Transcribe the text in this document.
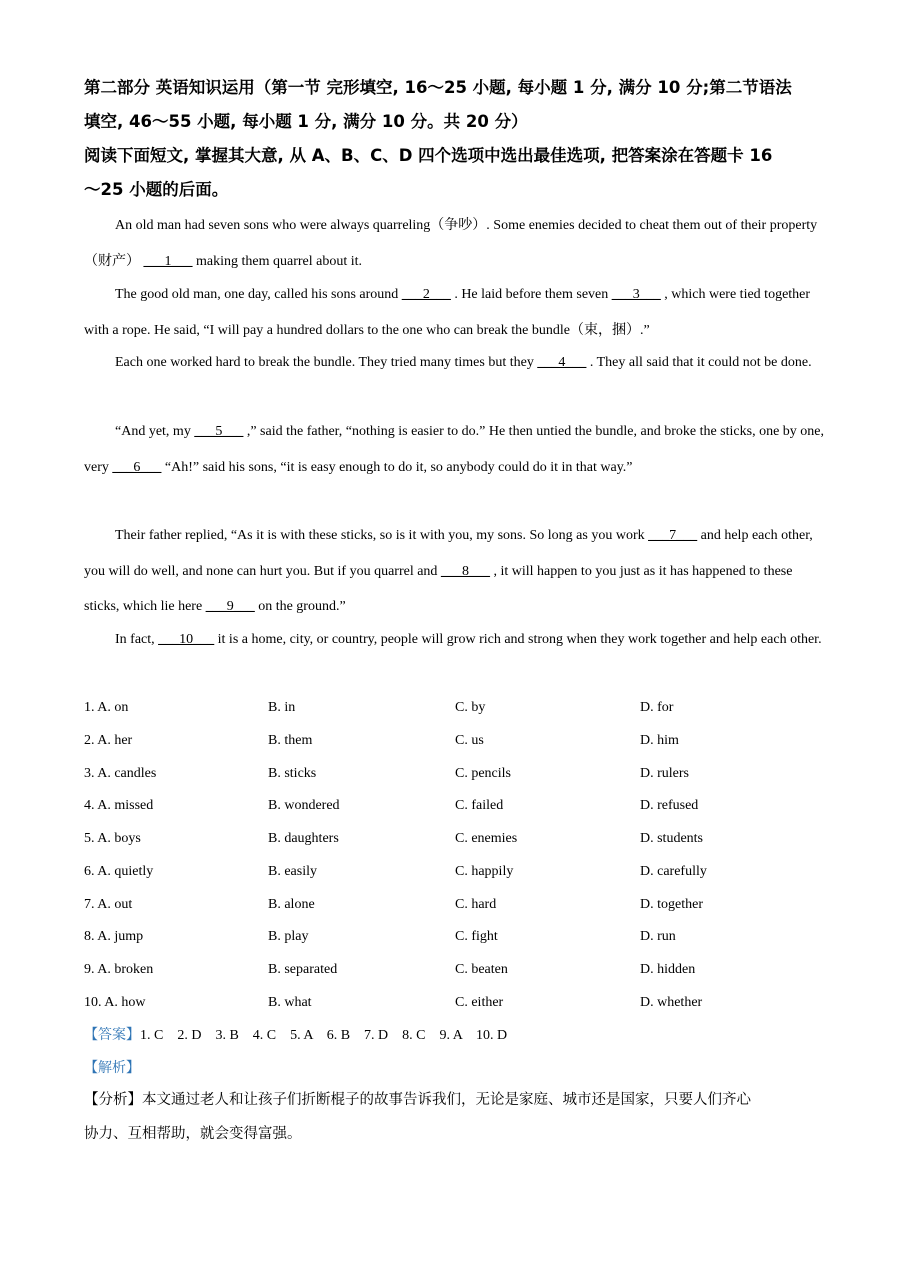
第二部分 英语知识运用（第一节 完形填空, 16～25 小题, 每小题 1 分, 满分 10 分;第二节语法
填空, 46～55 小题, 每小题 1 分, 满分 10 分。共 20 分）
阅读下面短文, 掌握其大意, 从 A、B、C、D 四个选项中选出最佳选项, 把答案涂在答题卡 16
～25 小题的后面。
An old man had seven sons who were always quarreling（争吵）. Some enemies decided to cheat them out of their property（财产） ___1___ making them quarrel about it.
The good old man, one day, called his sons around ___2___ . He laid before them seven ___3___ , which were tied together with a rope. He said, “I will pay a hundred dollars to the one who can break the bundle（束，捆）.”
Each one worked hard to break the bundle. They tried many times but they ___4___ . They all said that it could not be done.
“And yet, my ___5___ ,” said the father, “nothing is easier to do.” He then untied the bundle, and broke the sticks, one by one, very ___6___ “Ah!” said his sons, “it is easy enough to do it, so anybody could do it in that way.”
Their father replied, “As it is with these sticks, so is it with you, my sons. So long as you work ___7___ and help each other, you will do well, and none can hurt you. But if you quarrel and ___8___ , it will happen to you just as it has happened to these sticks, which lie here ___9___ on the ground.”
In fact, ___10___ it is a home, city, or country, people will grow rich and strong when they work together and help each other.
1. A. on	B. in	C. by	D. for
2. A. her	B. them	C. us	D. him
3. A. candles	B. sticks	C. pencils	D. rulers
4. A. missed	B. wondered	C. failed	D. refused
5. A. boys	B. daughters	C. enemies	D. students
6. A. quietly	B. easily	C. happily	D. carefully
7. A. out	B. alone	C. hard	D. together
8. A. jump	B. play	C. fight	D. run
9. A. broken	B. separated	C. beaten	D. hidden
10. A. how	B. what	C. either	D. whether
【答案】1. C    2. D    3. B    4. C    5. A    6. B    7. D    8. C    9. A    10. D
【解析】
【分析】本文通过老人和让孩子们折断棍子的故事告诉我们，无论是家庭、城市还是国家，只要人们齐心
协力、互相帮助，就会变得富强。
